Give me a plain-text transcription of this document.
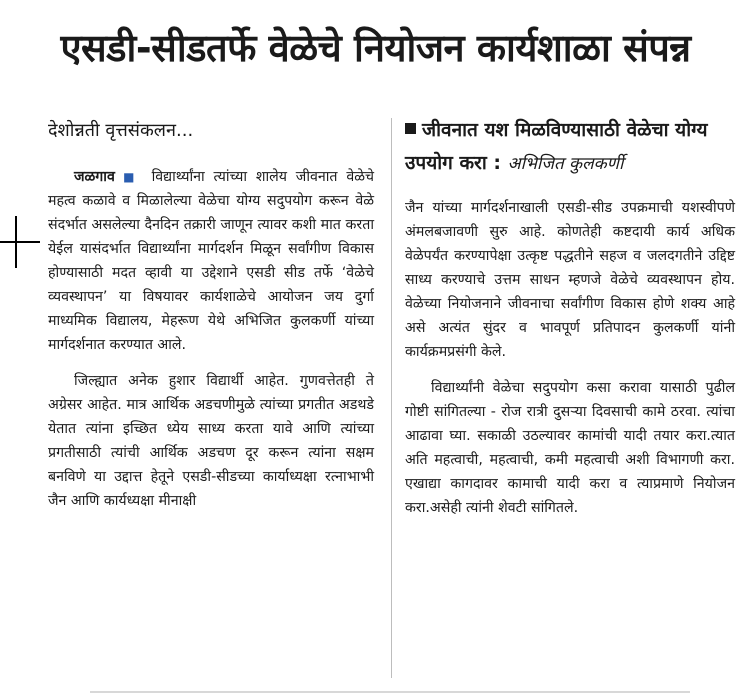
एसडी-सीडतर्फे वेळेचे नियोजन कार्यशाळा संपन्न
देशोन्नती वृत्तसंकलन...

जळगाव ■ विद्यार्थ्यांना त्यांच्या शालेय जीवनात वेळेचे महत्व कळावे व मिळालेल्या वेळेचा योग्य सदुपयोग करून वेळे संदर्भात असलेल्या दैनदिन तक्रारी जाणून त्यावर कशी मात करता येईल यासंदर्भात विद्यार्थ्यांना मार्गदर्शन मिळून सर्वांगीण विकास होण्यासाठी मदत व्हावी या उद्देशाने एसडी सीड तर्फे ‘वेळेचे व्यवस्थापन’ या विषयावर कार्यशाळेचे आयोजन जय दुर्गा माध्यमिक विद्यालय, मेहरूण येथे अभिजित कुलकर्णी यांच्या मार्गदर्शनात करण्यात आले.

जिल्ह्यात अनेक हुशार विद्यार्थी आहेत. गुणवत्तेतही ते अग्रेसर आहेत. मात्र आर्थिक अडचणीमुळे त्यांच्या प्रगतीत अडथडे येतात त्यांना इच्छित ध्येय साध्य करता यावे आणि त्यांच्या प्रगतीसाठी त्यांची आर्थिक अडचण दूर करून त्यांना सक्षम बनविणे या उद्दात्त हेतूने एसडी-सीडच्या कार्याध्यक्षा रत्नाभाभी जैन आणि कार्यध्यक्षा मीनाक्षी

जीवनात यश मिळविण्यासाठी वेळेचा योग्य उपयोग करा : अभिजित कुलकर्णी

जैन यांच्या मार्गदर्शनाखाली एसडी-सीड उपक्रमाची यशस्वीपणे अंमलबजावणी सुरु आहे. कोणतेही कष्टदायी कार्य अधिक वेळेपर्यंत करण्यापेक्षा उत्कृष्ट पद्धतीने सहज व जलदगतीने उद्दिष्ट साध्य करण्याचे उत्तम साधन म्हणजे वेळेचे व्यवस्थापन होय. वेळेच्या नियोजनाने जीवनाचा सर्वांगीण विकास होणे शक्य आहे असे अत्यंत सुंदर व भावपूर्ण प्रतिपादन कुलकर्णी यांनी कार्यक्रमप्रसंगी केले.

विद्यार्थ्यांनी वेळेचा सदुपयोग कसा करावा यासाठी पुढील गोष्टी सांगितल्या - रोज रात्री दुसऱ्या दिवसाची कामे ठरवा. त्यांचा आढावा घ्या. सकाळी उठल्यावर कामांची यादी तयार करा.त्यात अति महत्वाची, महत्वाची, कमी महत्वाची अशी विभागणी करा. एखाद्या कागदावर कामाची यादी करा व त्याप्रमाणे नियोजन करा.असेही त्यांनी शेवटी सांगितले.
